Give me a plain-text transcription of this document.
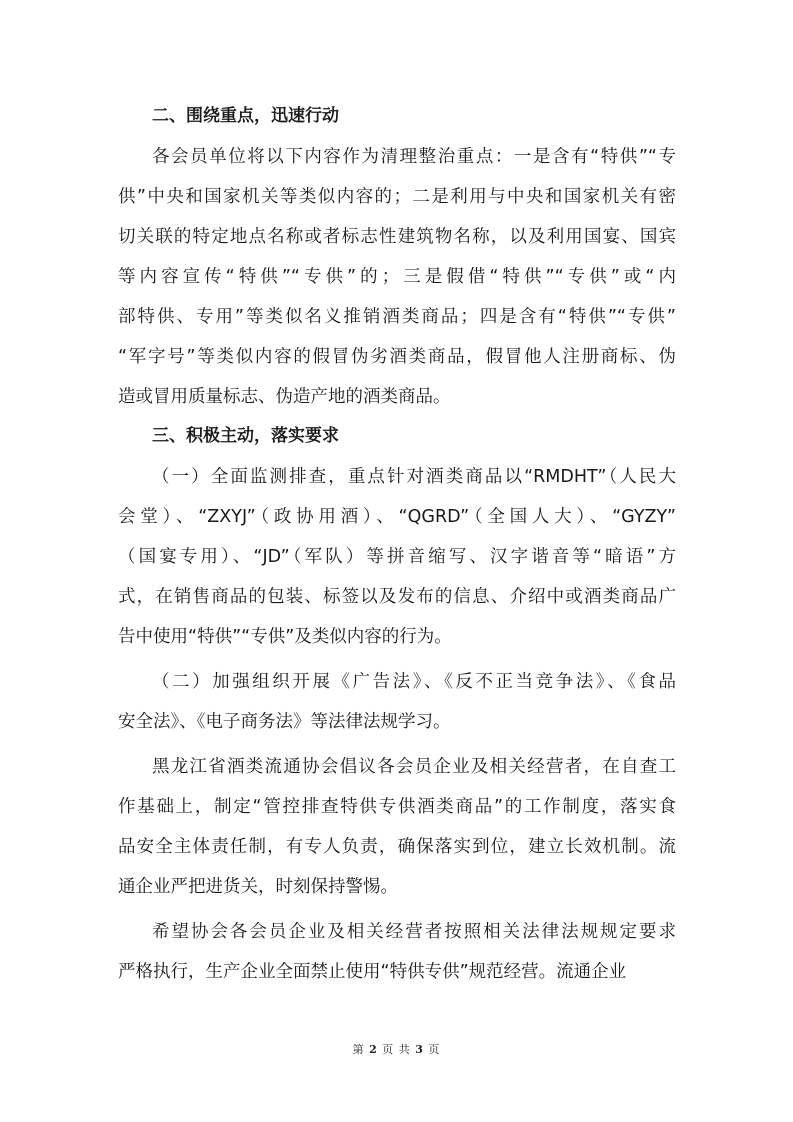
二、围绕重点，迅速行动
各会员单位将以下内容作为清理整治重点：一是含有“特供”“专
供”中央和国家机关等类似内容的；二是利用与中央和国家机关有密
切关联的特定地点名称或者标志性建筑物名称，以及利用国宴、国宾
等内容宣传“特供”“专供”的；三是假借“特供”“专供”或“内
部特供、专用”等类似名义推销酒类商品；四是含有“特供”“专供”
“军字号”等类似内容的假冒伪劣酒类商品，假冒他人注册商标、伪
造或冒用质量标志、伪造产地的酒类商品。
三、积极主动，落实要求
（一）全面监测排查，重点针对酒类商品以“RMDHT”（人民大
会堂）、“ZXYJ”（政协用酒）、“QGRD”（全国人大）、“GYZY”
（国宴专用）、“JD”（军队）等拼音缩写、汉字谐音等“暗语”方
式，在销售商品的包装、标签以及发布的信息、介绍中或酒类商品广
告中使用“特供”“专供”及类似内容的行为。
（二）加强组织开展《广告法》、《反不正当竞争法》、《食品
安全法》、《电子商务法》等法律法规学习。
黑龙江省酒类流通协会倡议各会员企业及相关经营者，在自查工
作基础上，制定“管控排查特供专供酒类商品”的工作制度，落实食
品安全主体责任制，有专人负责，确保落实到位，建立长效机制。流
通企业严把进货关，时刻保持警惕。
希望协会各会员企业及相关经营者按照相关法律法规规定要求
严格执行，生产企业全面禁止使用“特供专供”规范经营。流通企业
第 2 页 共 3 页
